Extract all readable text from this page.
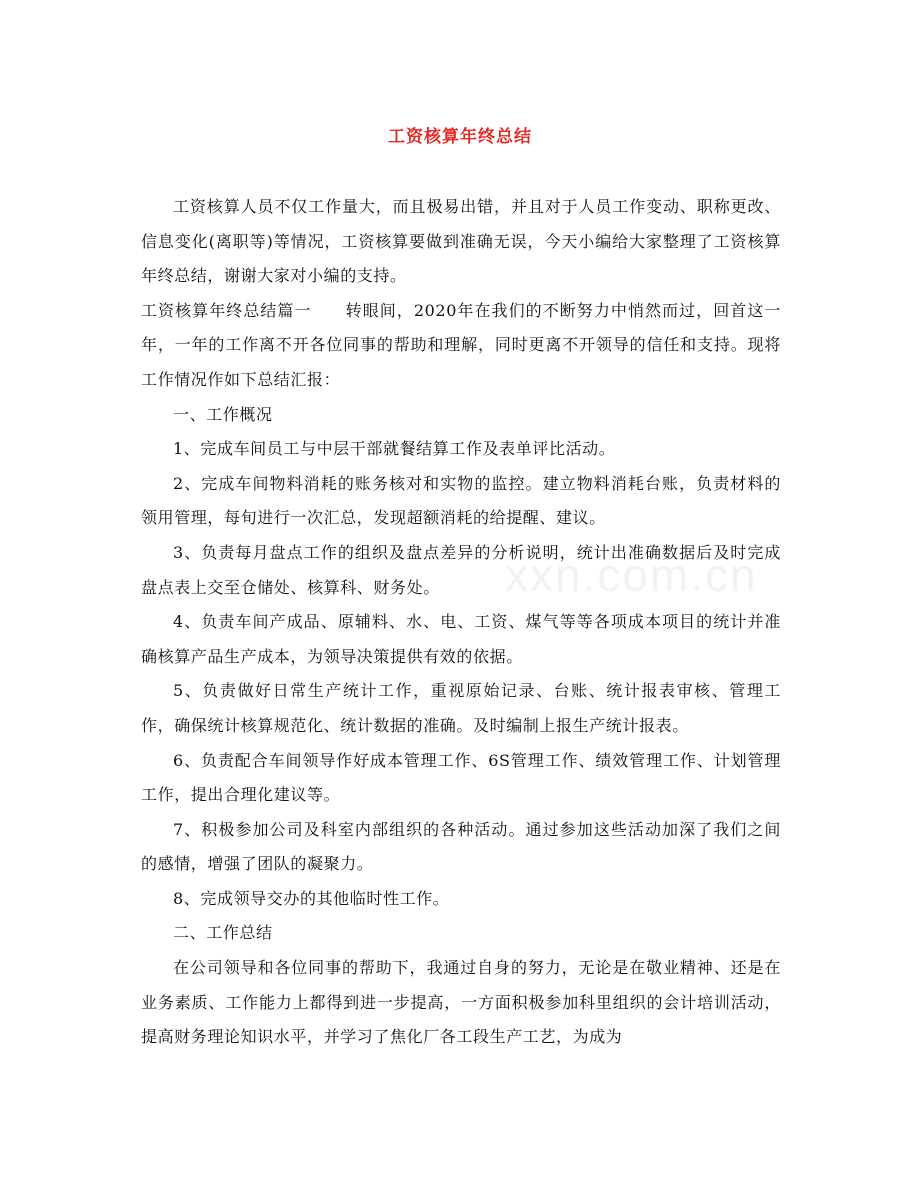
xxn.com.cn
工资核算年终总结

工资核算人员不仅工作量大，而且极易出错，并且对于人员工作变动、职称更改、信息变化(离职等)等情况，工资核算要做到准确无误，今天小编给大家整理了工资核算年终总结，谢谢大家对小编的支持。

工资核算年终总结篇一　　转眼间，2020年在我们的不断努力中悄然而过，回首这一年，一年的工作离不开各位同事的帮助和理解，同时更离不开领导的信任和支持。现将工作情况作如下总结汇报：

一、工作概况

1、完成车间员工与中层干部就餐结算工作及表单评比活动。

2、完成车间物料消耗的账务核对和实物的监控。建立物料消耗台账，负责材料的领用管理，每旬进行一次汇总，发现超额消耗的给提醒、建议。

3、负责每月盘点工作的组织及盘点差异的分析说明，统计出准确数据后及时完成盘点表上交至仓储处、核算科、财务处。

4、负责车间产成品、原辅料、水、电、工资、煤气等等各项成本项目的统计并准确核算产品生产成本，为领导决策提供有效的依据。

5、负责做好日常生产统计工作，重视原始记录、台账、统计报表审核、管理工作，确保统计核算规范化、统计数据的准确。及时编制上报生产统计报表。

6、负责配合车间领导作好成本管理工作、6S管理工作、绩效管理工作、计划管理工作，提出合理化建议等。

7、积极参加公司及科室内部组织的各种活动。通过参加这些活动加深了我们之间的感情，增强了团队的凝聚力。

8、完成领导交办的其他临时性工作。

二、工作总结

在公司领导和各位同事的帮助下，我通过自身的努力，无论是在敬业精神、还是在业务素质、工作能力上都得到进一步提高，一方面积极参加科里组织的会计培训活动，提高财务理论知识水平，并学习了焦化厂各工段生产工艺，为成为
